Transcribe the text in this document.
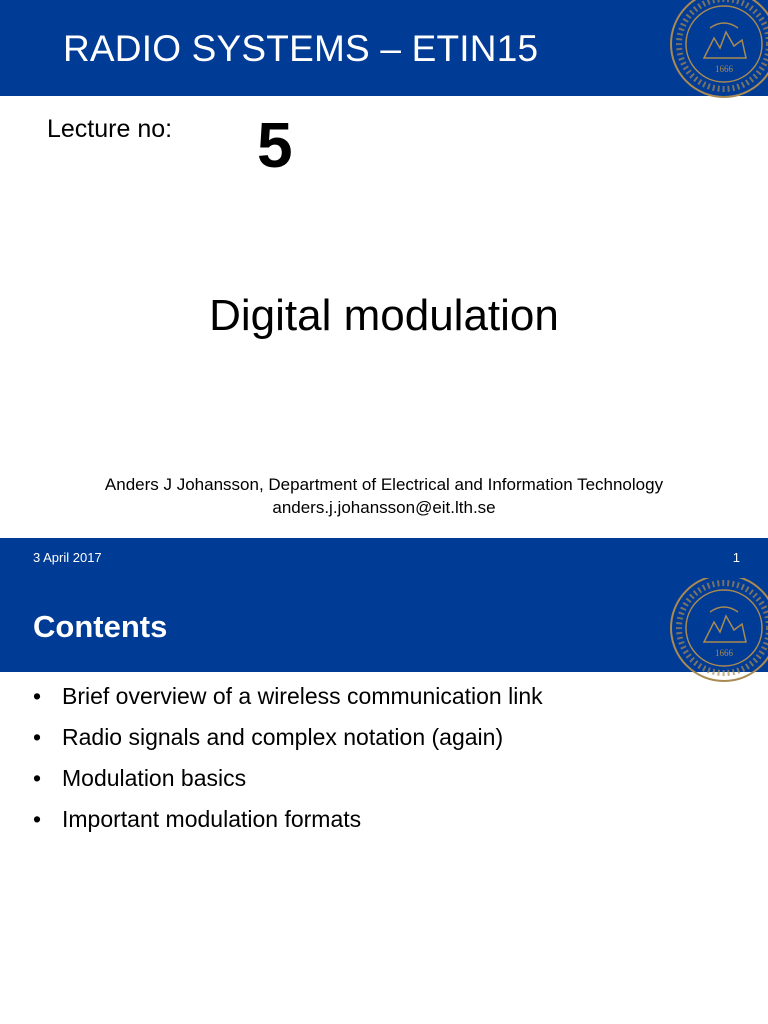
RADIO SYSTEMS – ETIN15	1666
Lecture no: 5
Digital modulation
Anders J Johansson, Department of Electrical and Information Technology
anders.j.johansson@eit.lth.se
3 April 2017	1
Contents
1666
• Brief overview of a wireless communication link
• Radio signals and complex notation (again)
• Modulation basics
• Important modulation formats
